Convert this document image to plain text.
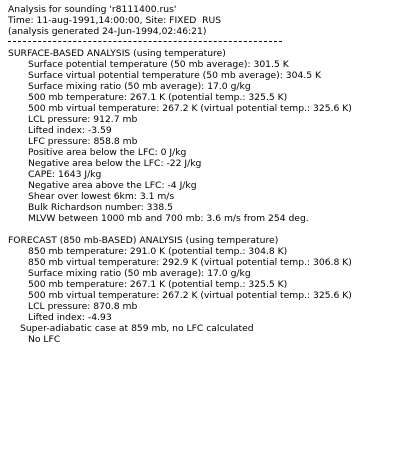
Analysis for sounding 'r8111400.rus'
Time: 11-aug-1991,14:00:00, Site: FIXED  RUS
(analysis generated 24-Jun-1994,02:46:21)
SURFACE-BASED ANALYSIS (using temperature)
Surface potential temperature (50 mb average): 301.5 K
Surface virtual potential temperature (50 mb average): 304.5 K
Surface mixing ratio (50 mb average): 17.0 g/kg
500 mb temperature: 267.1 K (potential temp.: 325.5 K)
500 mb virtual temperature: 267.2 K (virtual potential temp.: 325.6 K)
LCL pressure: 912.7 mb
Lifted index: -3.59
LFC pressure: 858.8 mb
Positive area below the LFC: 0 J/kg
Negative area below the LFC: -22 J/kg
CAPE: 1643 J/kg
Negative area above the LFC: -4 J/kg
Shear over lowest 6km: 3.1 m/s
Bulk Richardson number: 338.5
MLVW between 1000 mb and 700 mb: 3.6 m/s from 254 deg.
FORECAST (850 mb-BASED) ANALYSIS (using temperature)
850 mb temperature: 291.0 K (potential temp.: 304.8 K)
850 mb virtual temperature: 292.9 K (virtual potential temp.: 306.8 K)
Surface mixing ratio (50 mb average): 17.0 g/kg
500 mb temperature: 267.1 K (potential temp.: 325.5 K)
500 mb virtual temperature: 267.2 K (virtual potential temp.: 325.6 K)
LCL pressure: 870.8 mb
Lifted index: -4.93
Super-adiabatic case at 859 mb, no LFC calculated
No LFC
